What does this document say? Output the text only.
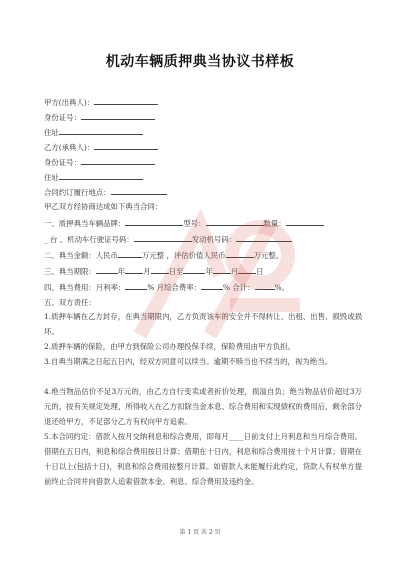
机动车辆质押典当协议书样板
甲方(出典人)：
身份证号：
住址
乙方(承典人)：
身份证号：
住址
合同约订履行地点：
甲乙双方经协商达成如下典当合同：
一、质押典当车辆品牌：	型号：	数量：
_ 台 、机动车行驶证号码：	发动机号码：
二、典当金额：人民币	万元整 ，评估价值人民币	万元整。
三、典当期限：	年 月 日至	年 月 日
四、典当费用：月利率：	% 月综合费率：	% 合计：	%。
五、双方责任：
1.质押车辆在乙方封存，在典当期限内，乙方负责该车的安全并不得转让、出租、出售、损毁或损坏。
2.质押车辆的保险，由甲方到保险公司办理投保手续，保险费用由甲方负担。
3.自典当期满之日起五日内，经双方同意可以续当。逾期不赎当也不续当的，视为绝当。
4.绝当物品估价不足3万元的，由乙方自行变卖或者折价处理，损溢自负；绝当物品估价超过3万元的，按有关规定处理，所得收入在乙方扣除当金本息、综合费用和实现债权的费用后，剩余部分退还给甲方，不足部分乙方有权向甲方追索。
5.本合同约定：借款人按月交纳利息和综合费用，即每月____日前支付上月利息和当月综合费用。借期在五日内，利息和综合费用按日计算；借期在十日内，利息和综合费用按十个月计算；借期在十日以上(包括十日)，利息和综合费用按整月计算。如借款人未能履行此约定，贷款人有权单方提前终止合同并向借款人追索借款本金、利息、综合费用及违约金。
第 1 页 共 2 页
